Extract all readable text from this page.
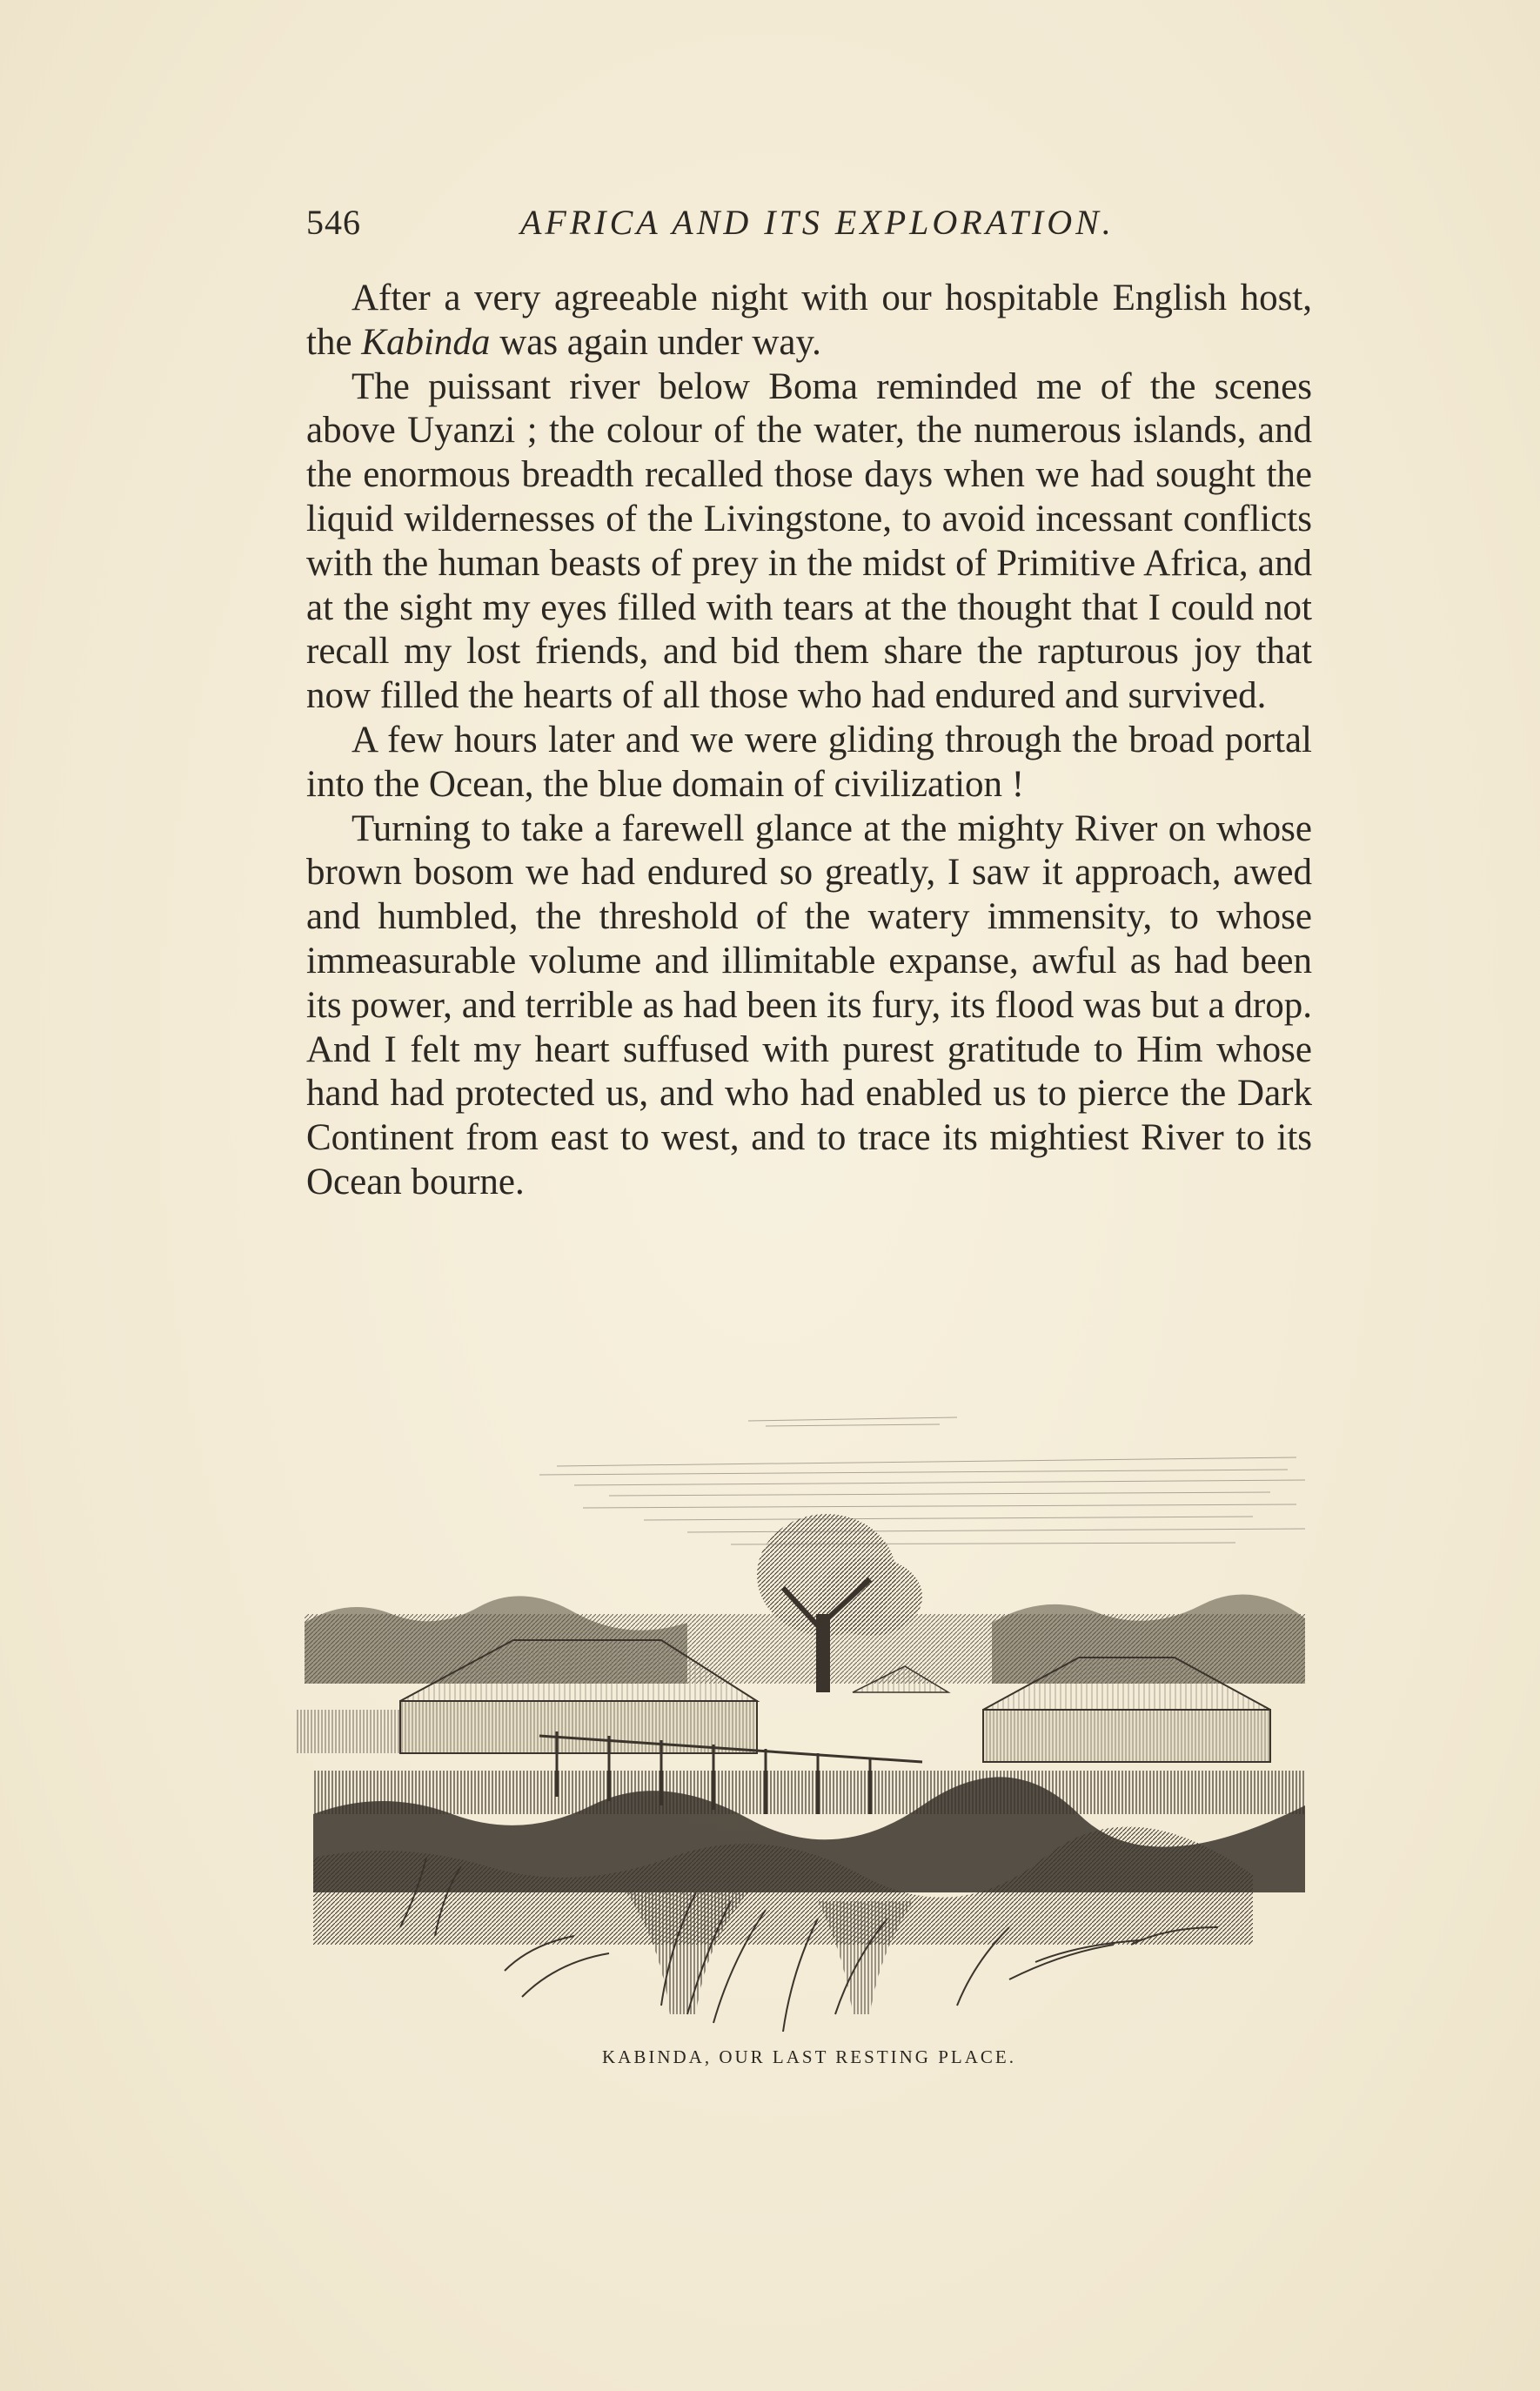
546	AFRICA AND ITS EXPLORATION.

After a very agreeable night with our hospitable English host, the Kabinda was again under way.

The puissant river below Boma reminded me of the scenes above Uyanzi ; the colour of the water, the numerous islands, and the enormous breadth recalled those days when we had sought the liquid wildernesses of the Livingstone, to avoid incessant conflicts with the human beasts of prey in the midst of Primitive Africa, and at the sight my eyes filled with tears at the thought that I could not recall my lost friends, and bid them share the rapturous joy that now filled the hearts of all those who had endured and survived.

A few hours later and we were gliding through the broad portal into the Ocean, the blue domain of civilization !

Turning to take a farewell glance at the mighty River on whose brown bosom we had endured so greatly, I saw it approach, awed and humbled, the threshold of the watery immensity, to whose immeasurable volume and illimitable expanse, awful as had been its power, and terrible as had been its fury, its flood was but a drop. And I felt my heart suffused with purest gratitude to Him whose hand had protected us, and who had enabled us to pierce the Dark Continent from east to west, and to trace its mightiest River to its Ocean bourne.

KABINDA, OUR LAST RESTING PLACE.
